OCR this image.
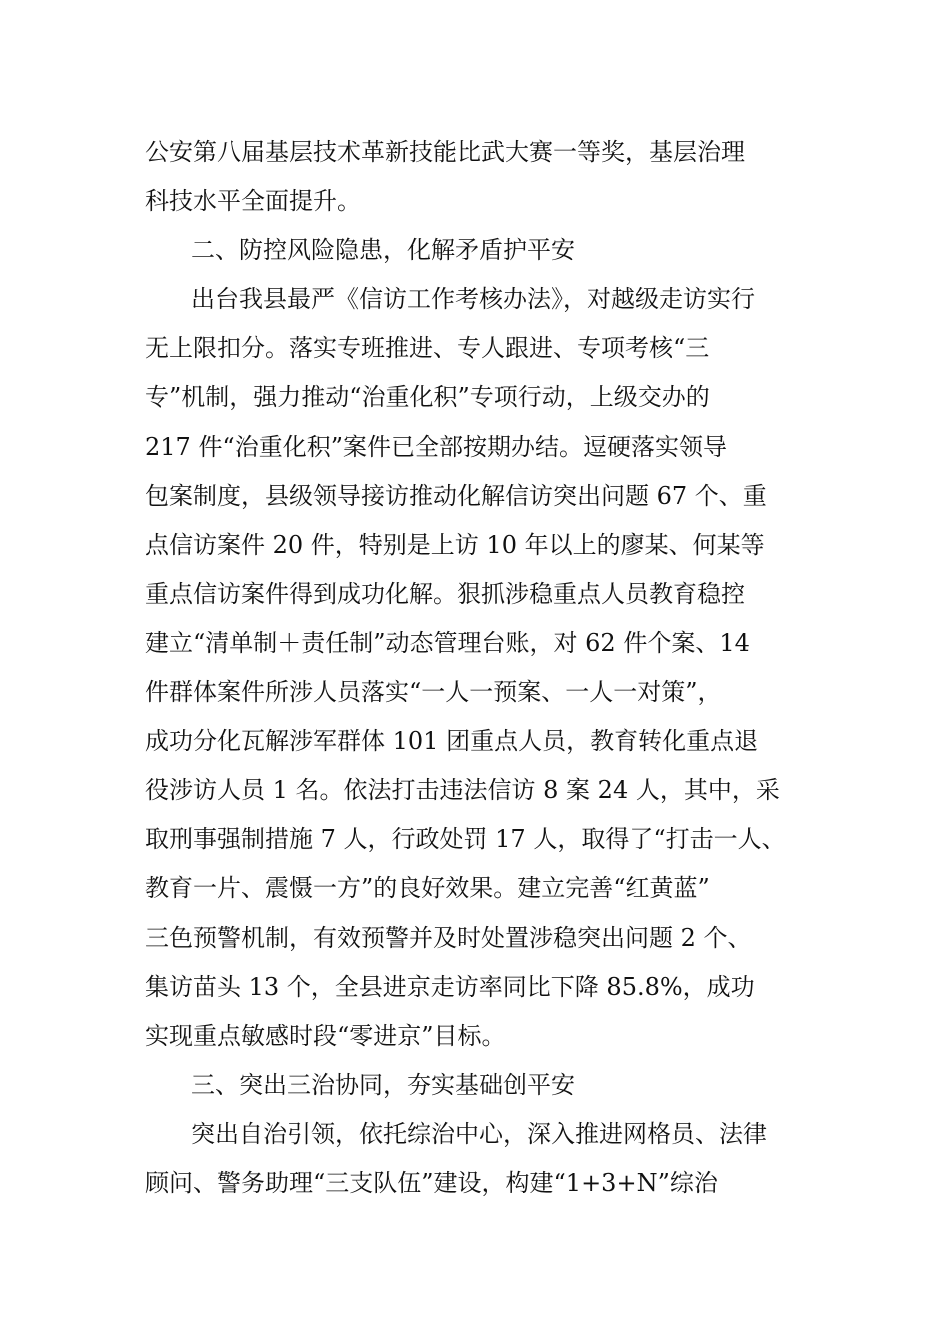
公安第八届基层技术革新技能比武大赛一等奖，基层治理
科技水平全面提升。
二、防控风险隐患，化解矛盾护平安
出台我县最严《信访工作考核办法》，对越级走访实行
无上限扣分。落实专班推进、专人跟进、专项考核“三
专”机制，强力推动“治重化积”专项行动，上级交办的
217 件“治重化积”案件已全部按期办结。逗硬落实领导
包案制度，县级领导接访推动化解信访突出问题 67 个、重
点信访案件 20 件，特别是上访 10 年以上的廖某、何某等
重点信访案件得到成功化解。狠抓涉稳重点人员教育稳控
建立“清单制＋责任制”动态管理台账，对 62 件个案、14
件群体案件所涉人员落实“一人一预案、一人一对策”，
成功分化瓦解涉军群体 101 团重点人员，教育转化重点退
役涉访人员 1 名。依法打击违法信访 8 案 24 人，其中，采
取刑事强制措施 7 人，行政处罚 17 人，取得了“打击一人、
教育一片、震慑一方”的良好效果。建立完善“红黄蓝”
三色预警机制，有效预警并及时处置涉稳突出问题 2 个、
集访苗头 13 个，全县进京走访率同比下降 85.8%，成功
实现重点敏感时段“零进京”目标。
三、突出三治协同，夯实基础创平安
突出自治引领，依托综治中心，深入推进网格员、法律
顾问、警务助理“三支队伍”建设，构建“1+3+N”综治
